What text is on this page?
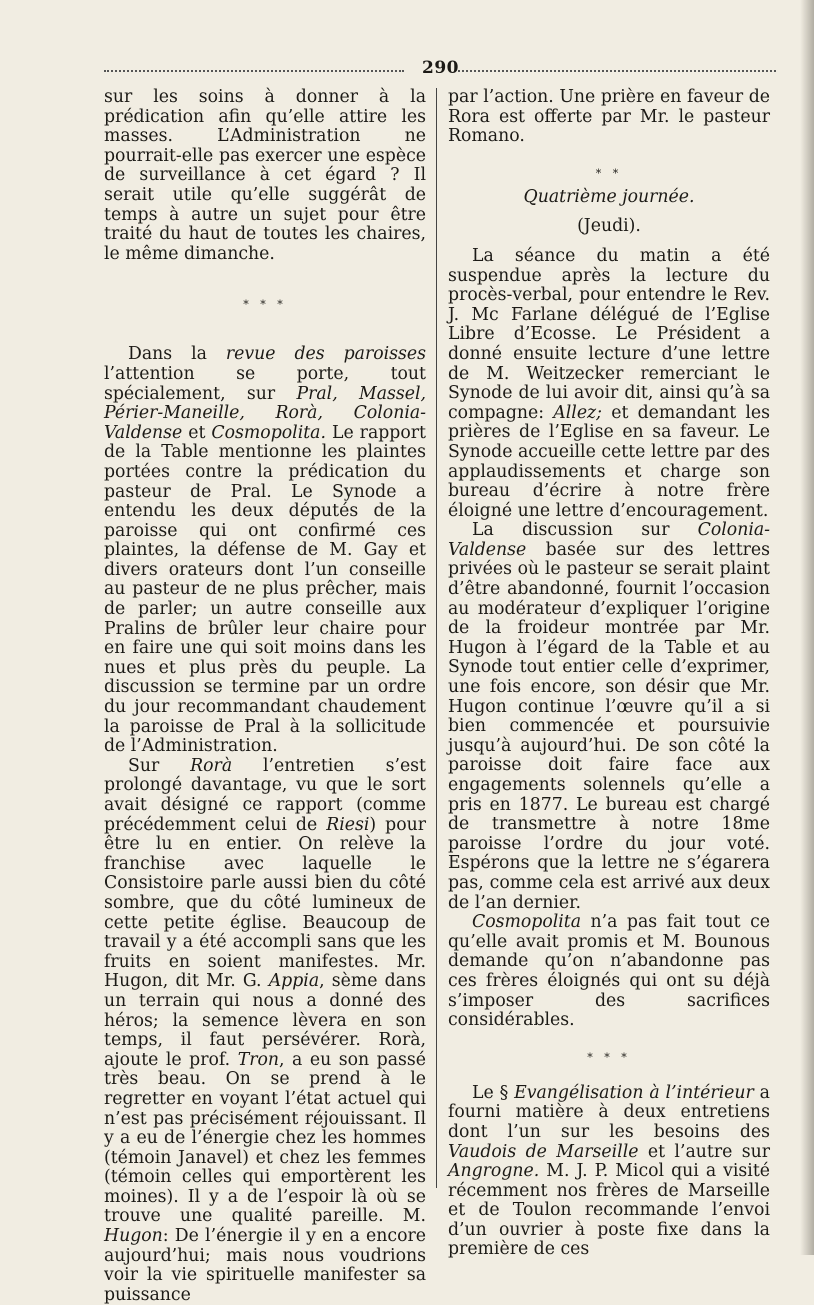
290

sur les soins à donner à la prédication afin qu’elle attire les masses. L’Administration ne pourrait-elle pas exercer une espèce de surveillance à cet égard ? Il serait utile qu’elle suggérât de temps à autre un sujet pour être traité du haut de toutes les chaires, le même dimanche.

* * *

Dans la revue des paroisses l’attention se porte, tout spécialement, sur Pral, Massel, Périer-Maneille, Rorà, Colonia-Valdense et Cosmopolita. Le rapport de la Table mentionne les plaintes portées contre la prédication du pasteur de Pral. Le Synode a entendu les deux députés de la paroisse qui ont confirmé ces plaintes, la défense de M. Gay et divers orateurs dont l’un conseille au pasteur de ne plus prêcher, mais de parler; un autre conseille aux Pralins de brûler leur chaire pour en faire une qui soit moins dans les nues et plus près du peuple. La discussion se termine par un ordre du jour recommandant chaudement la paroisse de Pral à la sollicitude de l’Administration.

Sur Rorà l’entretien s’est prolongé davantage, vu que le sort avait désigné ce rapport (comme précédemment celui de Riesi) pour être lu en entier. On relève la franchise avec laquelle le Consistoire parle aussi bien du côté sombre, que du côté lumineux de cette petite église. Beaucoup de travail y a été accompli sans que les fruits en soient manifestes. Mr. Hugon, dit Mr. G. Appia, sème dans un terrain qui nous a donné des héros; la semence lèvera en son temps, il faut persévérer. Rorà, ajoute le prof. Tron, a eu son passé très beau. On se prend à le regretter en voyant l’état actuel qui n’est pas précisément réjouissant. Il y a eu de l’énergie chez les hommes (témoin Janavel) et chez les femmes (témoin celles qui emportèrent les moines). Il y a de l’espoir là où se trouve une qualité pareille. M. Hugon: De l’énergie il y en a encore aujourd’hui; mais nous voudrions voir la vie spirituelle manifester sa puissance

par l’action. Une prière en faveur de Rora est offerte par Mr. le pasteur Romano.

* *

Quatrième journée.

(Jeudi).

La séance du matin a été suspendue après la lecture du procès-verbal, pour entendre le Rev. J. Mc Farlane délégué de l’Eglise Libre d’Ecosse. Le Président a donné ensuite lecture d’une lettre de M. Weitzecker remerciant le Synode de lui avoir dit, ainsi qu’à sa compagne: Allez; et demandant les prières de l’Eglise en sa faveur. Le Synode accueille cette lettre par des applaudissements et charge son bureau d’écrire à notre frère éloigné une lettre d’encouragement.

La discussion sur Colonia-Valdense basée sur des lettres privées où le pasteur se serait plaint d’être abandonné, fournit l’occasion au modérateur d’expliquer l’origine de la froideur montrée par Mr. Hugon à l’égard de la Table et au Synode tout entier celle d’exprimer, une fois encore, son désir que Mr. Hugon continue l’œuvre qu’il a si bien commencée et poursuivie jusqu’à aujourd’hui. De son côté la paroisse doit faire face aux engagements solennels qu’elle a pris en 1877. Le bureau est chargé de transmettre à notre 18me paroisse l’ordre du jour voté. Espérons que la lettre ne s’égarera pas, comme cela est arrivé aux deux de l’an dernier.

Cosmopolita n’a pas fait tout ce qu’elle avait promis et M. Bounous demande qu’on n’abandonne pas ces frères éloignés qui ont su déjà s’imposer des sacrifices considérables.

* * *

Le § Evangélisation à l’intérieur a fourni matière à deux entretiens dont l’un sur les besoins des Vaudois de Marseille et l’autre sur Angrogne. M. J. P. Micol qui a visité récemment nos frères de Marseille et de Toulon recommande l’envoi d’un ouvrier à poste fixe dans la première de ces
